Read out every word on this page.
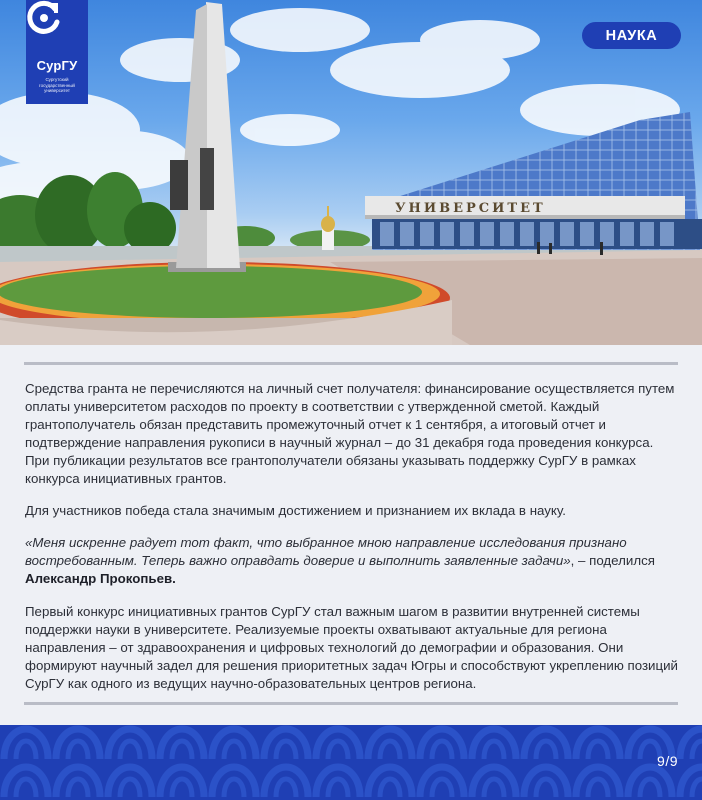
УНИВЕРСИТЕТ
СурГУ
Сургутский государственный университет
НАУКА

Средства гранта не перечисляются на личный счет получателя: финансирование осуществляется путем оплаты университетом расходов по проекту в соответствии с утвержденной сметой. Каждый грантополучатель обязан представить промежуточный отчет к 1 сентября, а итоговый отчет и подтверждение направления рукописи в научный журнал – до 31 декабря года проведения конкурса. При публикации результатов все грантополучатели обязаны указывать поддержку СурГУ в рамках конкурса инициативных грантов.

Для участников победа стала значимым достижением и признанием их вклада в науку.

«Меня искренне радует тот факт, что выбранное мною направление исследования признано востребованным. Теперь важно оправдать доверие и выполнить заявленные задачи», – поделился Александр Прокопьев.

Первый конкурс инициативных грантов СурГУ стал важным шагом в развитии внутренней системы поддержки науки в университете. Реализуемые проекты охватывают актуальные для региона направления – от здравоохранения и цифровых технологий до демографии и образования. Они формируют научный задел для решения приоритетных задач Югры и способствуют укреплению позиций СурГУ как одного из ведущих научно-образовательных центров региона.

9/9
